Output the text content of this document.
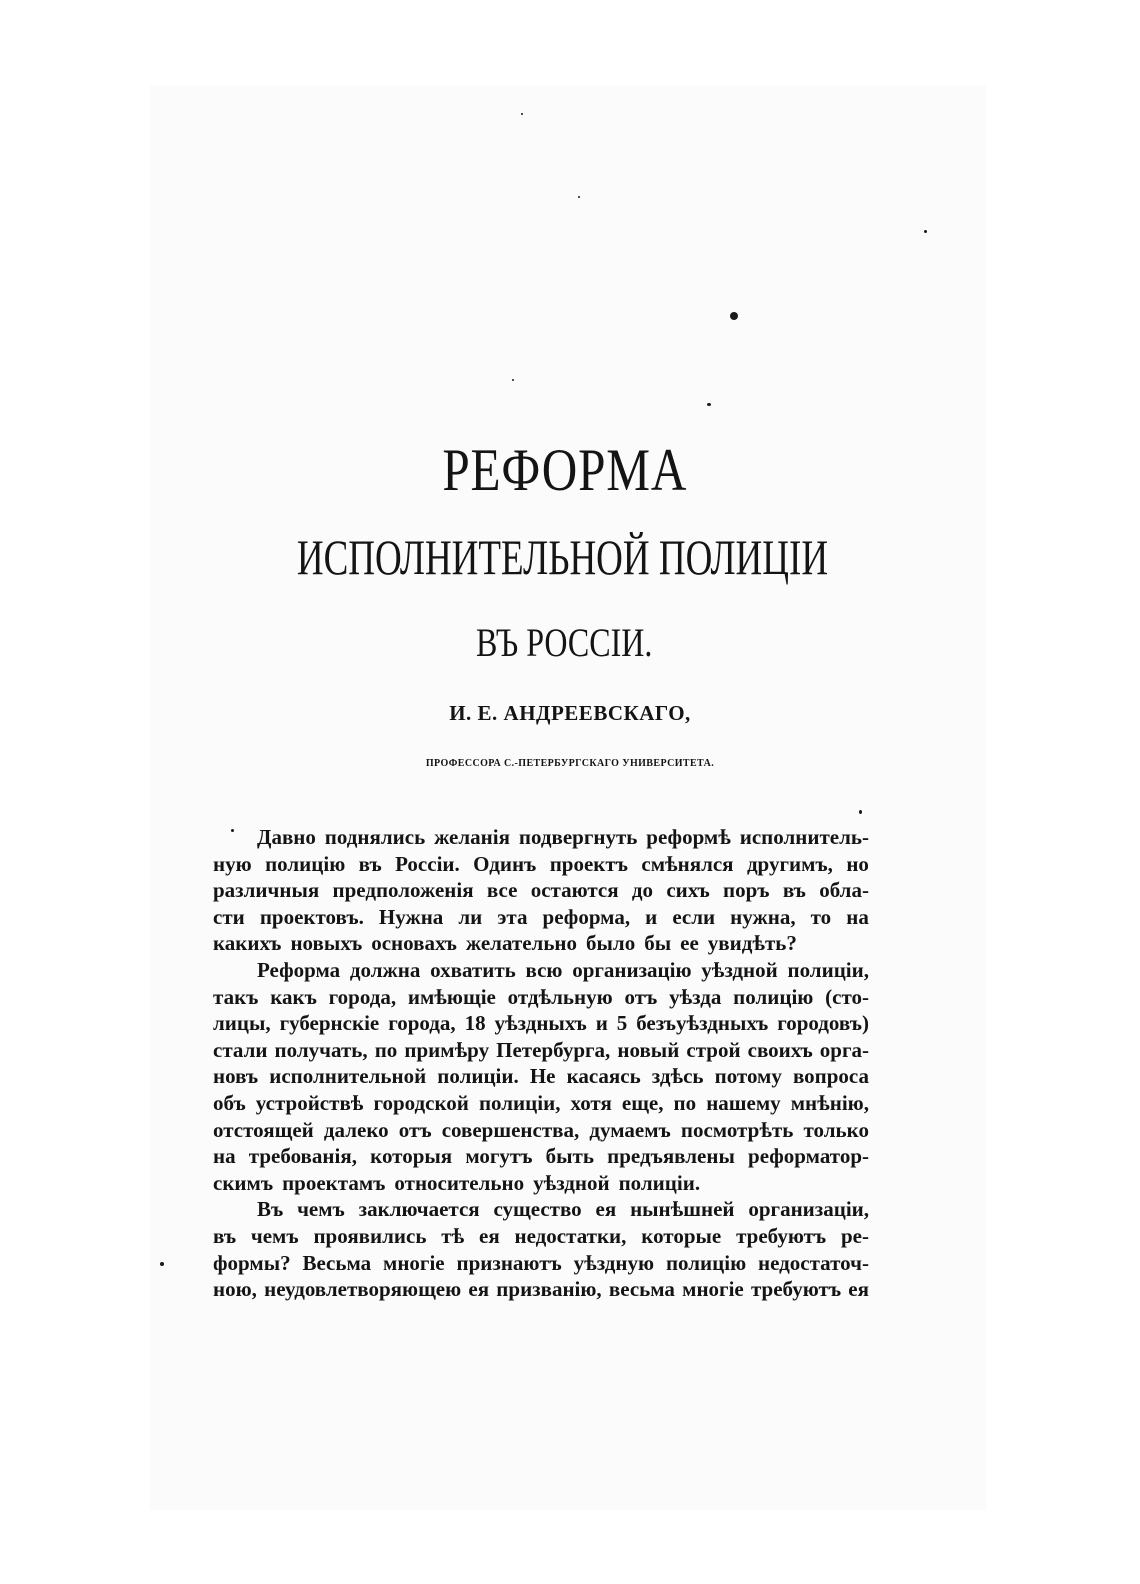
РЕФОРМА
ИСПОЛНИТЕЛЬНОЙ ПОЛИЦІИ
ВЪ РОССІИ.
И. Е. АНДРЕЕВСКАГО,
ПРОФЕССОРА С.-ПЕТЕРБУРГСКАГО УНИВЕРСИТЕТА.
Давно поднялись желанія подвергнуть реформѣ исполнитель-
ную полицію въ Россіи. Одинъ проектъ смѣнялся другимъ, но
различныя предположенія все остаются до сихъ поръ въ обла-
сти проектовъ. Нужна ли эта реформа, и если нужна, то на
какихъ новыхъ основахъ желательно было бы ее увидѣть?
Реформа должна охватить всю организацію уѣздной полиціи,
такъ какъ города, имѣющіе отдѣльную отъ уѣзда полицію (сто-
лицы, губернскіе города, 18 уѣздныхъ и 5 безъуѣздныхъ городовъ)
стали получать, по примѣру Петербурга, новый строй своихъ орга-
новъ исполнительной полиціи. Не касаясь здѣсь потому вопроса
объ устройствѣ городской полиціи, хотя еще, по нашему мнѣнію,
отстоящей далеко отъ совершенства, думаемъ посмотрѣть только
на требованія, которыя могутъ быть предъявлены реформатор-
скимъ проектамъ относительно уѣздной полиціи.
Въ чемъ заключается существо ея нынѣшней организаціи,
въ чемъ проявились тѣ ея недостатки, которые требуютъ ре-
формы? Весьма многіе признаютъ уѣздную полицію недостаточ-
ною, неудовлетворяющею ея призванію, весьма многіе требуютъ ея
